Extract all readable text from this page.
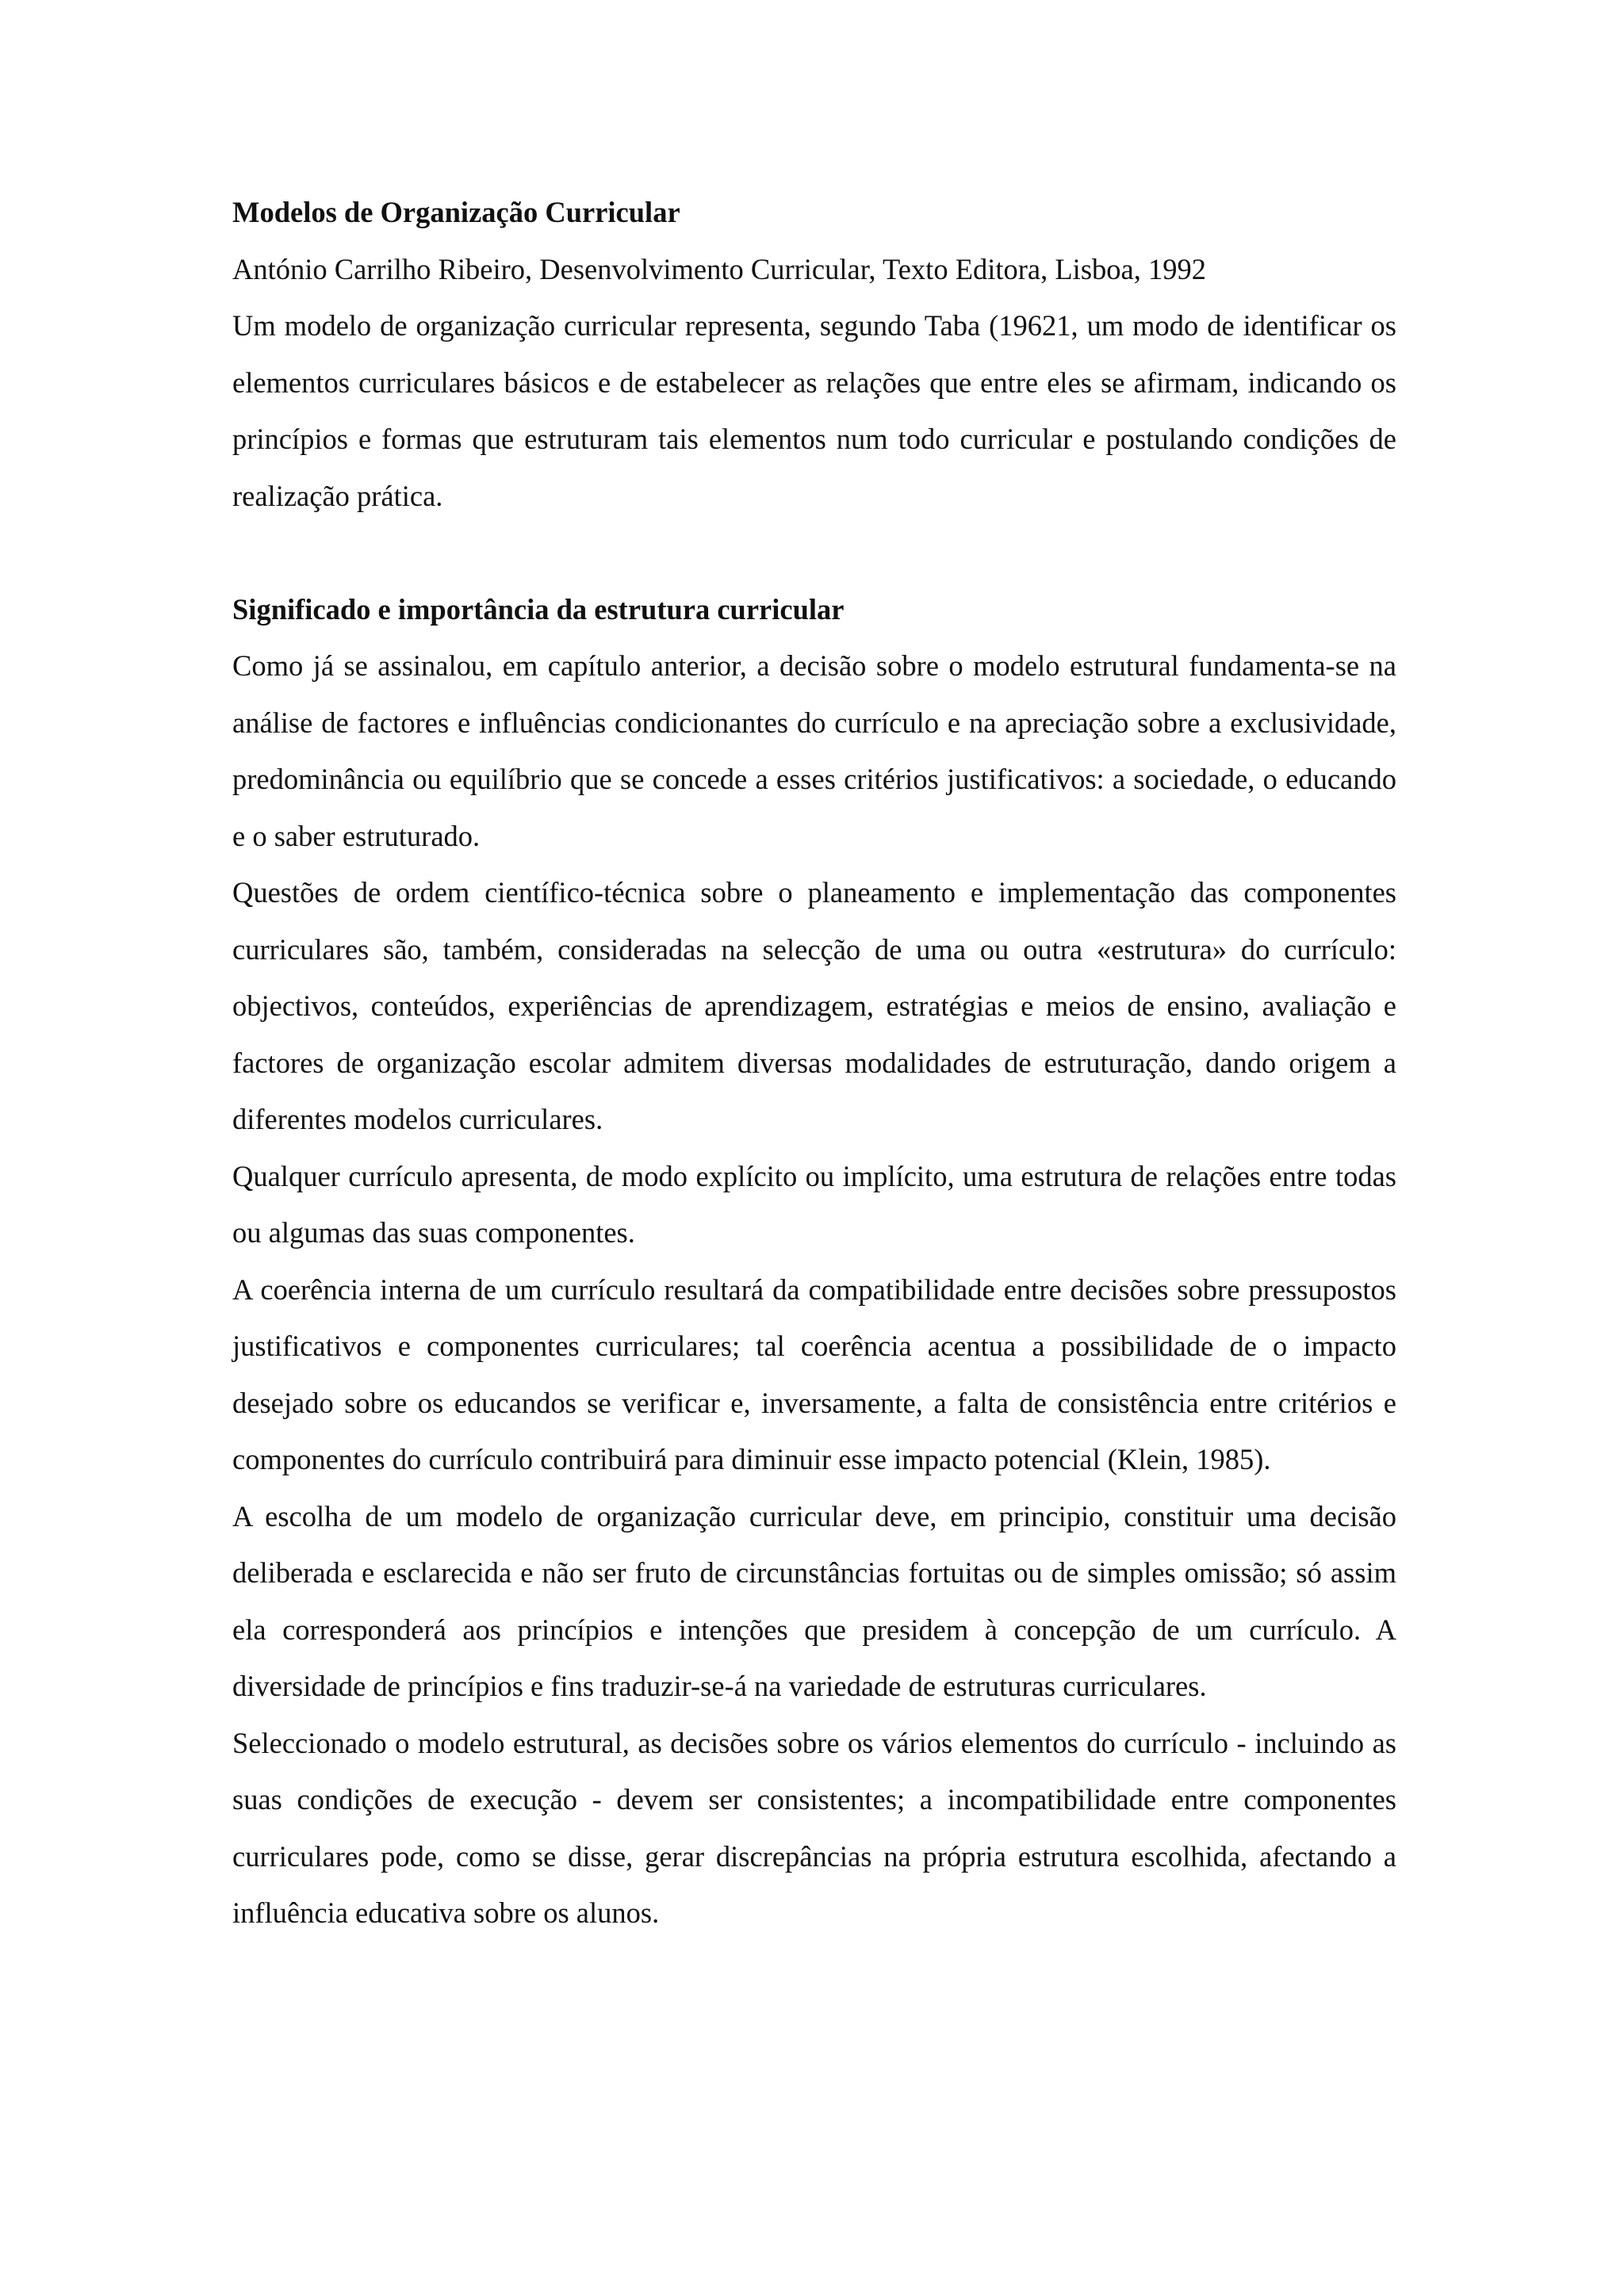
Modelos de Organização Curricular

António Carrilho Ribeiro, Desenvolvimento Curricular, Texto Editora, Lisboa, 1992

Um modelo de organização curricular representa, segundo Taba (19621, um modo de identificar os elementos curriculares básicos e de estabelecer as relações que entre eles se afirmam, indicando os princípios e formas que estruturam tais elementos num todo curricular e postulando condições de realização prática.

Significado e importância da estrutura curricular

Como já se assinalou, em capítulo anterior, a decisão sobre o modelo estrutural fundamenta-se na análise de factores e influências condicionantes do currículo e na apreciação sobre a exclusividade, predominância ou equilíbrio que se concede a esses critérios justificativos: a sociedade, o educando e o saber estruturado.

Questões de ordem científico-técnica sobre o planeamento e implementação das componentes curriculares são, também, consideradas na selecção de uma ou outra «estrutura» do currículo: objectivos, conteúdos, experiências de aprendizagem, estratégias e meios de ensino, avaliação e factores de organização escolar admitem diversas modalidades de estruturação, dando origem a diferentes modelos curriculares.

Qualquer currículo apresenta, de modo explícito ou implícito, uma estrutura de relações entre todas ou algumas das suas componentes.

A coerência interna de um currículo resultará da compatibilidade entre decisões sobre pressupostos justificativos e componentes curriculares; tal coerência acentua a possibilidade de o impacto desejado sobre os educandos se verificar e, inversamente, a falta de consistência entre critérios e componentes do currículo contribuirá para diminuir esse impacto potencial (Klein, 1985).

A escolha de um modelo de organização curricular deve, em principio, constituir uma decisão deliberada e esclarecida e não ser fruto de circunstâncias fortuitas ou de simples omissão; só assim ela corresponderá aos princípios e intenções que presidem à concepção de um currículo. A diversidade de princípios e fins traduzir-se-á na variedade de estruturas curriculares.

Seleccionado o modelo estrutural, as decisões sobre os vários elementos do currículo - incluindo as suas condições de execução - devem ser consistentes; a incompatibilidade entre componentes curriculares pode, como se disse, gerar discrepâncias na própria estrutura escolhida, afectando a influência educativa sobre os alunos.
